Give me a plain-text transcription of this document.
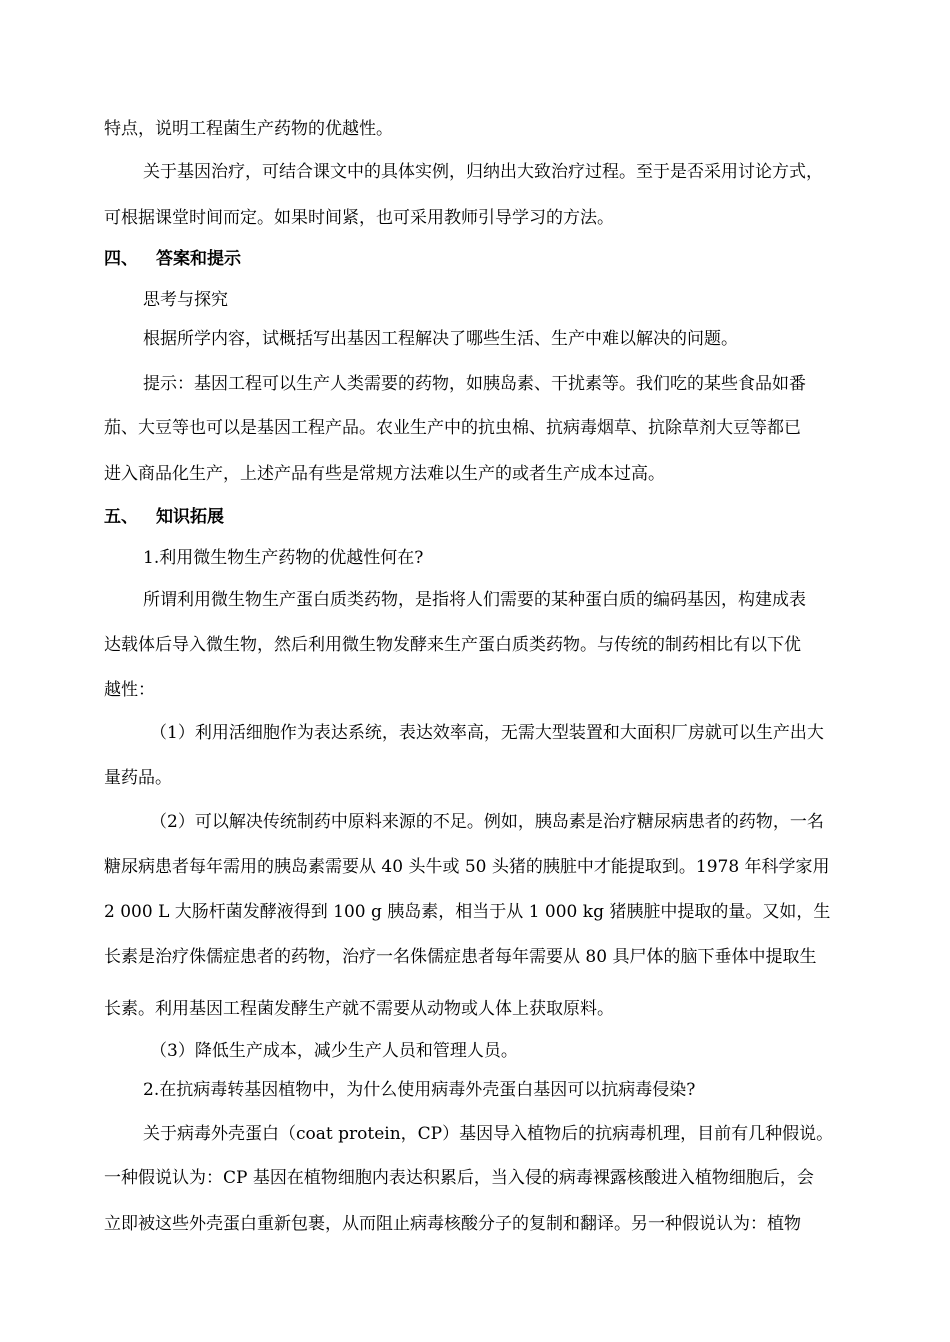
特点，说明工程菌生产药物的优越性。
关于基因治疗，可结合课文中的具体实例，归纳出大致治疗过程。至于是否采用讨论方式，
可根据课堂时间而定。如果时间紧，也可采用教师引导学习的方法。
四、 答案和提示
思考与探究
根据所学内容，试概括写出基因工程解决了哪些生活、生产中难以解决的问题。
提示：基因工程可以生产人类需要的药物，如胰岛素、干扰素等。我们吃的某些食品如番
茄、大豆等也可以是基因工程产品。农业生产中的抗虫棉、抗病毒烟草、抗除草剂大豆等都已
进入商品化生产，上述产品有些是常规方法难以生产的或者生产成本过高。
五、 知识拓展
1.利用微生物生产药物的优越性何在?
所谓利用微生物生产蛋白质类药物，是指将人们需要的某种蛋白质的编码基因，构建成表
达载体后导入微生物，然后利用微生物发酵来生产蛋白质类药物。与传统的制药相比有以下优
越性：
（1）利用活细胞作为表达系统，表达效率高，无需大型装置和大面积厂房就可以生产出大
量药品。
（2）可以解决传统制药中原料来源的不足。例如，胰岛素是治疗糖尿病患者的药物，一名
糖尿病患者每年需用的胰岛素需要从 40 头牛或 50 头猪的胰脏中才能提取到。1978 年科学家用
2 000 L 大肠杆菌发酵液得到 100 g 胰岛素，相当于从 1 000 kg 猪胰脏中提取的量。又如，生
长素是治疗侏儒症患者的药物，治疗一名侏儒症患者每年需要从 80 具尸体的脑下垂体中提取生
长素。利用基因工程菌发酵生产就不需要从动物或人体上获取原料。
（3）降低生产成本，减少生产人员和管理人员。
2.在抗病毒转基因植物中，为什么使用病毒外壳蛋白基因可以抗病毒侵染?
关于病毒外壳蛋白（coat protein，CP）基因导入植物后的抗病毒机理，目前有几种假说。
一种假说认为：CP 基因在植物细胞内表达积累后，当入侵的病毒裸露核酸进入植物细胞后，会
立即被这些外壳蛋白重新包裹，从而阻止病毒核酸分子的复制和翻译。另一种假说认为：植物
